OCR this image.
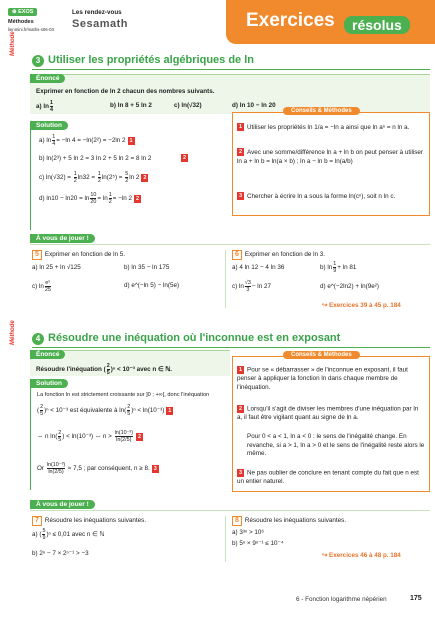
⊕ EXOS
Méthodes
lienmini.fr/maths-s06-03
Les rendez-vous
Sesamath	Exercices	résolus
Méthode
3 Utiliser les propriétés algébriques de ln
Énoncé
Exprimer en fonction de ln 2 chacun des nombres suivants.
a) $\ln \frac{1}{4}$	b) ln 8 + 5 ln 2	c) ln(√32)	d) ln 10 − ln 20
Solution
a) $\ln \frac{1}{4} = -\ln$ 4 = −ln(2²) = −2ln 2 1
b) ln(2³) + 5 ln 2 = 3 ln 2 + 5 ln 2 = 8 ln 2	2
c) $\ln(√32) = \frac{1}{2} \ln 32 = \frac{1}{2} \ln(2^5) = \frac{5}{2}$ ln 2 2
d) $\ln 10 - \ln 20 = \ln \frac{10}{20} = \ln \frac{1}{2} = -\ln$ 2 2
Conseils & Méthodes
1 Utiliser les propriétés ln 1/a = −ln a ainsi que ln aⁿ = n ln a.
2 Avec une somme/différence ln a + ln b on peut penser à utiliser ln a + ln b = ln(a × b) ; ln a − ln b = ln(a/b)
3 Chercher à écrire ln a sous la forme ln(cⁿ), soit n ln c.
À vous de jouer !
5 Exprimer en fonction de ln 5.
a) ln 25 + ln √125	b) ln 35 − ln 175
c) $\ln \frac{\text{e⁵}}{25}$	d) e^(−ln 5) − ln(5e)
6 Exprimer en fonction de ln 3.
a) 4 ln 12 − 4 ln 36	b) $\ln \frac{1}{9} + \ln 81$
c) $\ln \frac{√3}{3} - \ln 27$	d) e^(−2ln2) + ln(9e²)
↪ Exercices 39 à 45 p. 184
Méthode	4 Résoudre une inéquation où l'inconnue est en exposant
Énoncé
Résoudre l'inéquation ( $\frac{2}{5} )^n < 10^{-3}$ avec n ∈ ℕ.
Solution
La fonction ln est strictement croissante sur ]0 ; +∞[, donc l'inéquation
( $\frac{2}{5} )^n < 10^{-3}$ est équivalente à $\ln( \frac{2}{5} )^n < \ln(10^{-3})$ 1
⇔ n $\ln( \frac{2}{5}$ ) < ln(10⁻³) ⇔ $n > \frac{\text{ln(10⁻³)}}{\ln(2/5)} 2$
Or $\frac{\text{ln(10⁻³)}}{\ln(2/5)} \approx 7,5$ ; par conséquent, n ≥ 8. 3
Conseils & Méthodes
1 Pour se « débarrasser » de l'inconnue en exposant, il faut penser à appliquer la fonction ln dans chaque membre de l'inéquation.
2 Lorsqu'il s'agit de diviser les membres d'une inéquation par ln a, il faut être vigilant quant au signe de ln a.
Pour 0 < a < 1, ln a < 0 : le sens de l'inégalité change. En revanche, si a > 1, ln a > 0 et le sens de l'inégalité reste alors le même.
3 Ne pas oublier de conclure en tenant compte du fait que n est un entier naturel.
À vous de jouer !
7 Résoudre les inéquations suivantes.
a) ( $\frac{5}{9} )^n \le 0,01$ avec n ∈ ℕ
b) 2ⁿ − 7 × 2ⁿ⁻¹ > −3
8 Résoudre les inéquations suivantes.
a) 3³ⁿ > 10⁶
b) 5ⁿ × 9ⁿ⁻¹ ≤ 10⁻⁴
↪ Exercices 46 à 48 p. 184
6 - Fonction logarithme népérien	175
